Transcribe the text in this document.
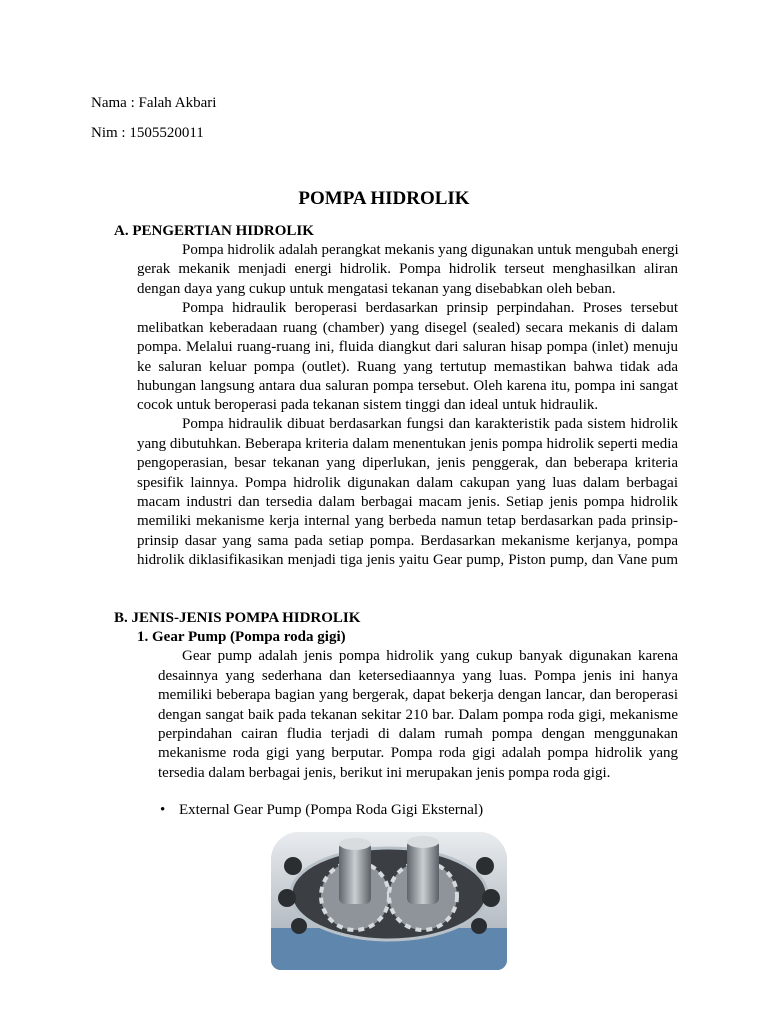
Nama : Falah Akbari
Nim : 1505520011
POMPA HIDROLIK
A. PENGERTIAN HIDROLIK
Pompa hidrolik adalah perangkat mekanis yang digunakan untuk mengubah energi
gerak mekanik menjadi energi hidrolik. Pompa hidrolik terseut menghasilkan aliran
dengan daya yang cukup untuk mengatasi tekanan yang disebabkan oleh beban.
Pompa hidraulik beroperasi berdasarkan prinsip perpindahan. Proses tersebut
melibatkan keberadaan ruang (chamber) yang disegel (sealed) secara mekanis di dalam
pompa. Melalui ruang-ruang ini, fluida diangkut dari saluran hisap pompa (inlet) menuju
ke saluran keluar pompa (outlet). Ruang yang tertutup memastikan bahwa tidak ada
hubungan langsung antara dua saluran pompa tersebut. Oleh karena itu, pompa ini sangat
cocok untuk beroperasi pada tekanan sistem tinggi dan ideal untuk hidraulik.
Pompa hidraulik dibuat berdasarkan fungsi dan karakteristik pada sistem hidrolik
yang dibutuhkan. Beberapa kriteria dalam menentukan jenis pompa hidrolik seperti media
pengoperasian, besar tekanan yang diperlukan, jenis penggerak, dan beberapa kriteria
spesifik lainnya. Pompa hidrolik digunakan dalam cakupan yang luas dalam berbagai
macam industri dan tersedia dalam berbagai macam jenis. Setiap jenis pompa hidrolik
memiliki mekanisme kerja internal yang berbeda namun tetap berdasarkan pada prinsip-
prinsip dasar yang sama pada setiap pompa. Berdasarkan mekanisme kerjanya, pompa
hidrolik diklasifikasikan menjadi tiga jenis yaitu Gear pump, Piston pump, dan Vane pum
B. JENIS-JENIS POMPA HIDROLIK
1. Gear Pump (Pompa roda gigi)
Gear pump adalah jenis pompa hidrolik yang cukup banyak digunakan karena
desainnya yang sederhana dan ketersediaannya yang luas. Pompa jenis ini hanya
memiliki beberapa bagian yang bergerak, dapat bekerja dengan lancar, dan beroperasi
dengan sangat baik pada tekanan sekitar 210 bar. Dalam pompa roda gigi, mekanisme
perpindahan cairan fludia terjadi di dalam rumah pompa dengan menggunakan
mekanisme roda gigi yang berputar. Pompa roda gigi adalah pompa hidrolik yang
tersedia dalam berbagai jenis, berikut ini merupakan jenis pompa roda gigi.
• External Gear Pump (Pompa Roda Gigi Eksternal)
